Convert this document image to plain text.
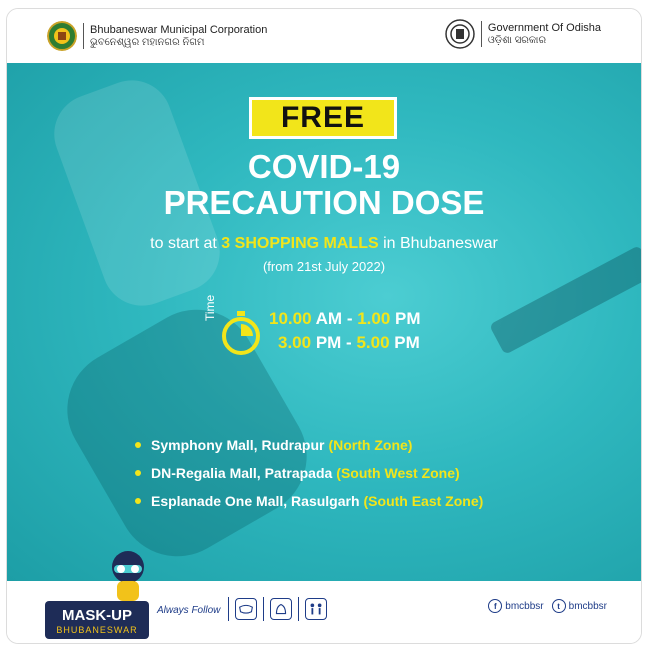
Bhubaneswar Municipal Corporation
ଭୁବନେଶ୍ୱର ମହାନଗର ନିଗମ
Government Of Odisha
ଓଡ଼ିଶା ସରକାର
FREE
COVID-19
PRECAUTION DOSE
to start at 3 SHOPPING MALLS in Bhubaneswar
(from 21st July 2022)
Time	10.00 AM - 1.00 PM
3.00 PM - 5.00 PM
Symphony Mall, Rudrapur (North Zone)
DN-Regalia Mall, Patrapada (South West Zone)
Esplanade One Mall, Rasulgarh (South East Zone)
MASK-UP
BHUBANESWAR
Always Follow	f bmcbbsr	t bmcbbsr
